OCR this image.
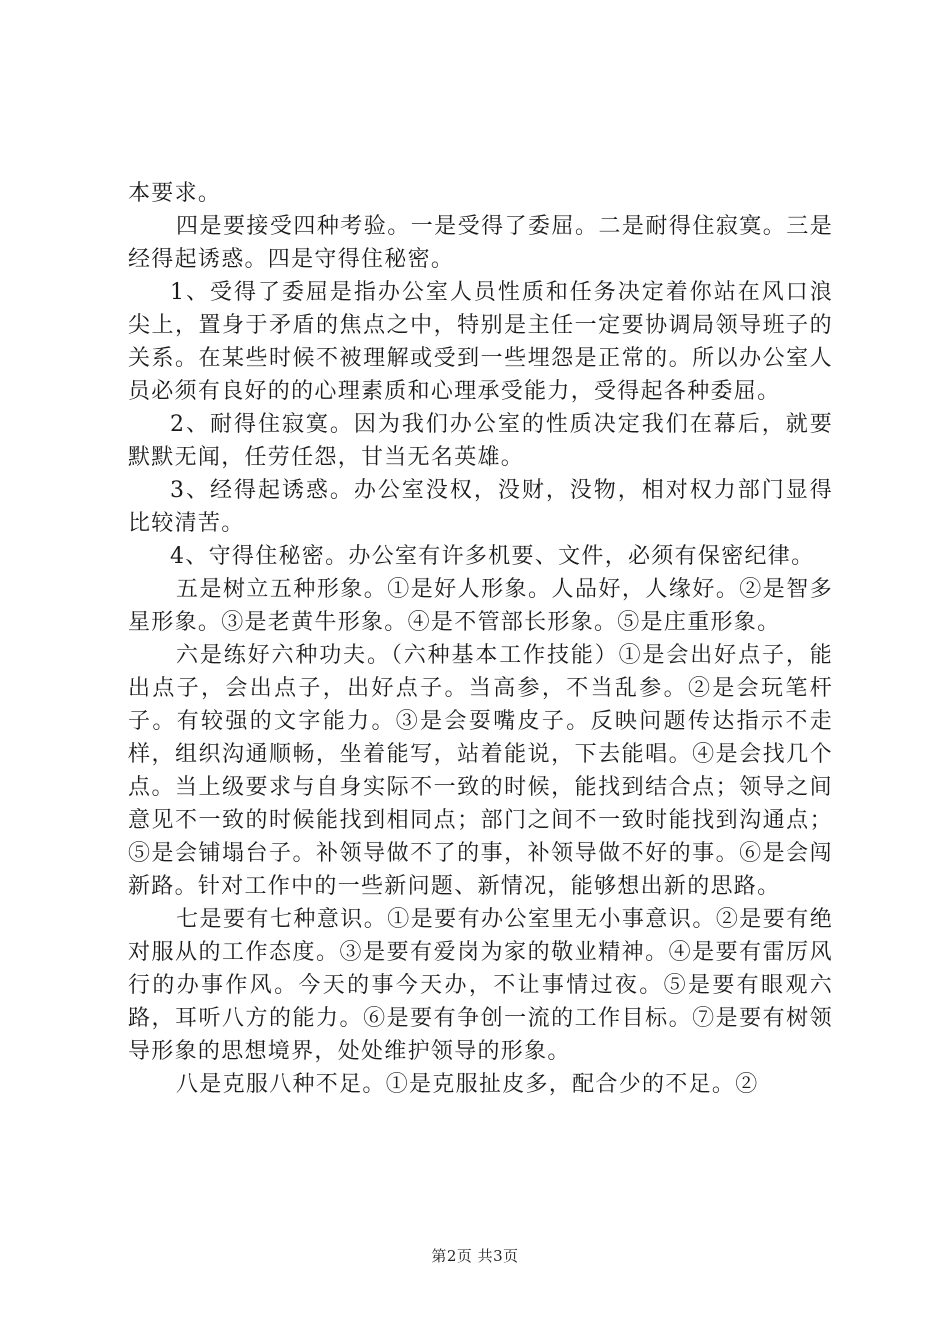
本要求。

四是要接受四种考验。一是受得了委屈。二是耐得住寂寞。三是经得起诱惑。四是守得住秘密。

1、受得了委屈是指办公室人员性质和任务决定着你站在风口浪尖上，置身于矛盾的焦点之中，特别是主任一定要协调局领导班子的关系。在某些时候不被理解或受到一些埋怨是正常的。所以办公室人员必须有良好的的心理素质和心理承受能力，受得起各种委屈。

2、耐得住寂寞。因为我们办公室的性质决定我们在幕后，就要默默无闻，任劳任怨，甘当无名英雄。

3、经得起诱惑。办公室没权，没财，没物，相对权力部门显得比较清苦。

4、守得住秘密。办公室有许多机要、文件，必须有保密纪律。

五是树立五种形象。①是好人形象。人品好，人缘好。②是智多星形象。③是老黄牛形象。④是不管部长形象。⑤是庄重形象。

六是练好六种功夫。（六种基本工作技能）①是会出好点子，能出点子，会出点子，出好点子。当高参，不当乱参。②是会玩笔杆子。有较强的文字能力。③是会耍嘴皮子。反映问题传达指示不走样，组织沟通顺畅，坐着能写，站着能说，下去能唱。④是会找几个点。当上级要求与自身实际不一致的时候，能找到结合点；领导之间意见不一致的时候能找到相同点；部门之间不一致时能找到沟通点；⑤是会铺塌台子。补领导做不了的事，补领导做不好的事。⑥是会闯新路。针对工作中的一些新问题、新情况，能够想出新的思路。

七是要有七种意识。①是要有办公室里无小事意识。②是要有绝对服从的工作态度。③是要有爱岗为家的敬业精神。④是要有雷厉风行的办事作风。今天的事今天办，不让事情过夜。⑤是要有眼观六路，耳听八方的能力。⑥是要有争创一流的工作目标。⑦是要有树领导形象的思想境界，处处维护领导的形象。

八是克服八种不足。①是克服扯皮多，配合少的不足。②

第2页 共3页
